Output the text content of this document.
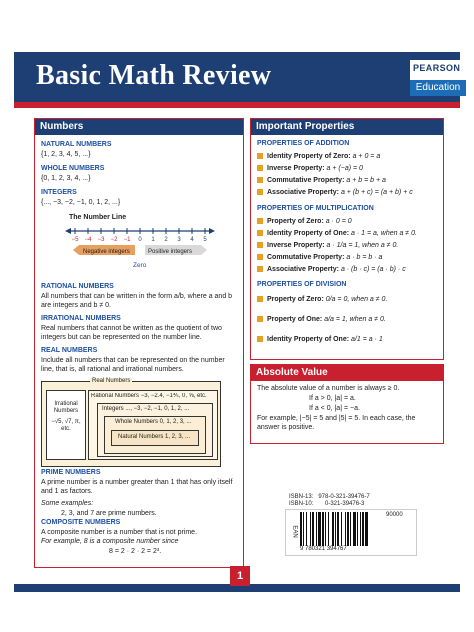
Basic Math Review	PEARSON
Education
Numbers
NATURAL NUMBERS
{1, 2, 3, 4, 5, ...}
WHOLE NUMBERS
{0, 1, 2, 3, 4, ...}
INTEGERS
{..., −3, −2, −1, 0, 1, 2, ...}
The Number Line
−5 −4 −3 −2 −1 0 1 2 3 4 5
Negative integers	Positive integers
Zero
RATIONAL NUMBERS
All numbers that can be written in the form a/b, where a and b are integers and b ≠ 0.
IRRATIONAL NUMBERS
Real numbers that cannot be written as the quotient of two integers but can be represented on the number line.
REAL NUMBERS
Include all numbers that can be represented on the number line, that is, all rational and irrational numbers.
Real Numbers
Irrational Numbers
−√5, √7, π, etc.
Rational Numbers −3, −2.4, −1⅗, 0, ⅝, etc.
Integers ..., −3, −2, −1, 0, 1, 2, ...
Whole Numbers 0, 1, 2, 3, ...
Natural Numbers 1, 2, 3, ...
PRIME NUMBERS
A prime number is a number greater than 1 that has only itself and 1 as factors.
Some examples:
2, 3, and 7 are prime numbers.
COMPOSITE NUMBERS
A composite number is a number that is not prime.
For example, 8 is a composite number since
8 = 2 · 2 · 2 = 2³.
Important Properties
PROPERTIES OF ADDITION
Identity Property of Zero: a + 0 = a
Inverse Property: a + (−a) = 0
Commutative Property: a + b = b + a
Associative Property: a + (b + c) = (a + b) + c
PROPERTIES OF MULTIPLICATION
Property of Zero: a · 0 = 0
Identity Property of One: a · 1 = a, when a ≠ 0.
Inverse Property: a · 1/a = 1, when a ≠ 0.
Commutative Property: a · b = b · a
Associative Property: a · (b · c) = (a · b) · c
PROPERTIES OF DIVISION
Property of Zero: 0/a = 0, when a ≠ 0.
Property of One: a/a = 1, when a ≠ 0.
Identity Property of One: a/1 = a · 1
Absolute Value
The absolute value of a number is always ≥ 0.
If a > 0, |a| = a.
If a < 0, |a| = −a.
For example, |−5| = 5 and |5| = 5. In each case, the answer is positive.
ISBN-13:   978-0-321-39476-7
ISBN-10:       0-321-39476-3
EAN
90000
9 780321 394767
1
